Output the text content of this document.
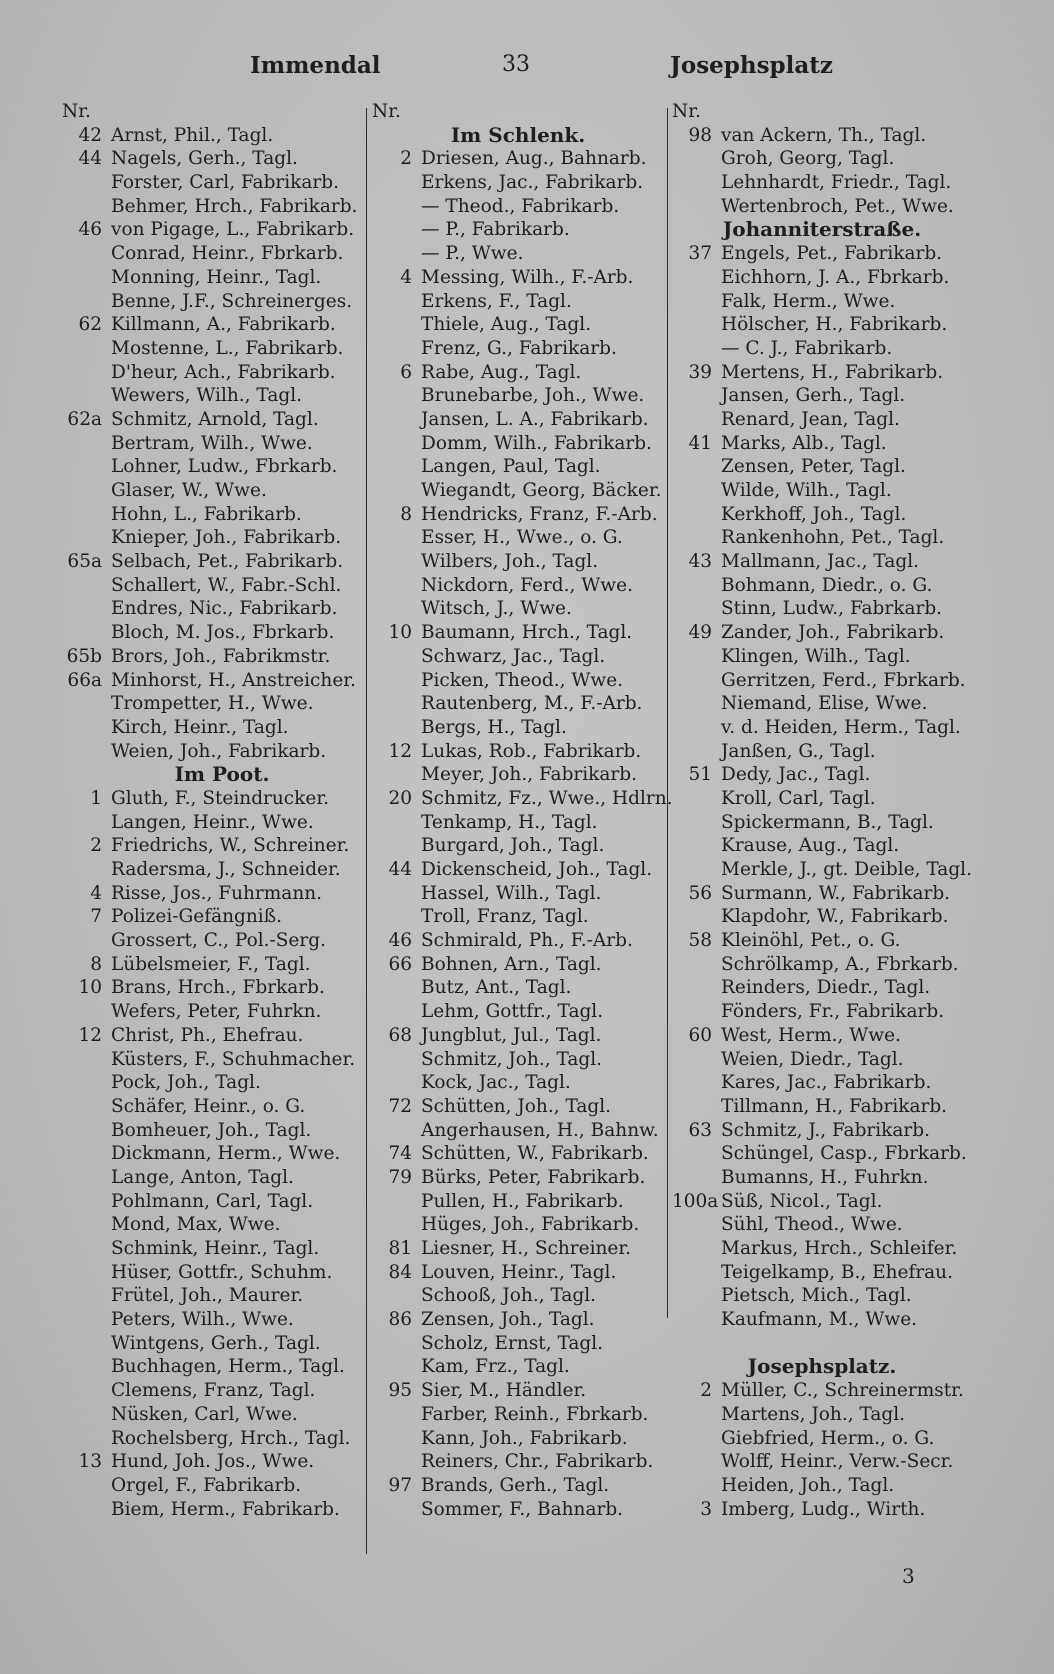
Immendal	33	Josephsplatz
Nr.
42 Arnst, Phil., Tagl.
44 Nagels, Gerh., Tagl.
Forster, Carl, Fabrikarb.
Behmer, Hrch., Fabrikarb.
46 von Pigage, L., Fabrikarb.
Conrad, Heinr., Fbrkarb.
Monning, Heinr., Tagl.
Benne, J.F., Schreinerges.
62 Killmann, A., Fabrikarb.
Mostenne, L., Fabrikarb.
D'heur, Ach., Fabrikarb.
Wewers, Wilh., Tagl.
62a Schmitz, Arnold, Tagl.
Bertram, Wilh., Wwe.
Lohner, Ludw., Fbrkarb.
Glaser, W., Wwe.
Hohn, L., Fabrikarb.
Knieper, Joh., Fabrikarb.
65a Selbach, Pet., Fabrikarb.
Schallert, W., Fabr.-Schl.
Endres, Nic., Fabrikarb.
Bloch, M. Jos., Fbrkarb.
65b Brors, Joh., Fabrikmstr.
66a Minhorst, H., Anstreicher.
Trompetter, H., Wwe.
Kirch, Heinr., Tagl.
Weien, Joh., Fabrikarb.
Im Poot.
1 Gluth, F., Steindrucker.
Langen, Heinr., Wwe.
2 Friedrichs, W., Schreiner.
Radersma, J., Schneider.
4 Risse, Jos., Fuhrmann.
7 Polizei-Gefängniß.
Grossert, C., Pol.-Serg.
8 Lübelsmeier, F., Tagl.
10 Brans, Hrch., Fbrkarb.
Wefers, Peter, Fuhrkn.
12 Christ, Ph., Ehefrau.
Küsters, F., Schuhmacher.
Pock, Joh., Tagl.
Schäfer, Heinr., o. G.
Bomheuer, Joh., Tagl.
Dickmann, Herm., Wwe.
Lange, Anton, Tagl.
Pohlmann, Carl, Tagl.
Mond, Max, Wwe.
Schmink, Heinr., Tagl.
Hüser, Gottfr., Schuhm.
Frütel, Joh., Maurer.
Peters, Wilh., Wwe.
Wintgens, Gerh., Tagl.
Buchhagen, Herm., Tagl.
Clemens, Franz, Tagl.
Nüsken, Carl, Wwe.
Rochelsberg, Hrch., Tagl.
13 Hund, Joh. Jos., Wwe.
Orgel, F., Fabrikarb.
Biem, Herm., Fabrikarb.
Nr.
Im Schlenk.
2 Driesen, Aug., Bahnarb.
Erkens, Jac., Fabrikarb.
— Theod., Fabrikarb.
— P., Fabrikarb.
— P., Wwe.
4 Messing, Wilh., F.-Arb.
Erkens, F., Tagl.
Thiele, Aug., Tagl.
Frenz, G., Fabrikarb.
6 Rabe, Aug., Tagl.
Brunebarbe, Joh., Wwe.
Jansen, L. A., Fabrikarb.
Domm, Wilh., Fabrikarb.
Langen, Paul, Tagl.
Wiegandt, Georg, Bäcker.
8 Hendricks, Franz, F.-Arb.
Esser, H., Wwe., o. G.
Wilbers, Joh., Tagl.
Nickdorn, Ferd., Wwe.
Witsch, J., Wwe.
10 Baumann, Hrch., Tagl.
Schwarz, Jac., Tagl.
Picken, Theod., Wwe.
Rautenberg, M., F.-Arb.
Bergs, H., Tagl.
12 Lukas, Rob., Fabrikarb.
Meyer, Joh., Fabrikarb.
20 Schmitz, Fz., Wwe., Hdlrn.
Tenkamp, H., Tagl.
Burgard, Joh., Tagl.
44 Dickenscheid, Joh., Tagl.
Hassel, Wilh., Tagl.
Troll, Franz, Tagl.
46 Schmirald, Ph., F.-Arb.
66 Bohnen, Arn., Tagl.
Butz, Ant., Tagl.
Lehm, Gottfr., Tagl.
68 Jungblut, Jul., Tagl.
Schmitz, Joh., Tagl.
Kock, Jac., Tagl.
72 Schütten, Joh., Tagl.
Angerhausen, H., Bahnw.
74 Schütten, W., Fabrikarb.
79 Bürks, Peter, Fabrikarb.
Pullen, H., Fabrikarb.
Hüges, Joh., Fabrikarb.
81 Liesner, H., Schreiner.
84 Louven, Heinr., Tagl.
Schooß, Joh., Tagl.
86 Zensen, Joh., Tagl.
Scholz, Ernst, Tagl.
Kam, Frz., Tagl.
95 Sier, M., Händler.
Farber, Reinh., Fbrkarb.
Kann, Joh., Fabrikarb.
Reiners, Chr., Fabrikarb.
97 Brands, Gerh., Tagl.
Sommer, F., Bahnarb.
Nr.
98 van Ackern, Th., Tagl.
Groh, Georg, Tagl.
Lehnhardt, Friedr., Tagl.
Wertenbroch, Pet., Wwe.
Johanniterstraße.
37 Engels, Pet., Fabrikarb.
Eichhorn, J. A., Fbrkarb.
Falk, Herm., Wwe.
Hölscher, H., Fabrikarb.
— C. J., Fabrikarb.
39 Mertens, H., Fabrikarb.
Jansen, Gerh., Tagl.
Renard, Jean, Tagl.
41 Marks, Alb., Tagl.
Zensen, Peter, Tagl.
Wilde, Wilh., Tagl.
Kerkhoff, Joh., Tagl.
Rankenhohn, Pet., Tagl.
43 Mallmann, Jac., Tagl.
Bohmann, Diedr., o. G.
Stinn, Ludw., Fabrkarb.
49 Zander, Joh., Fabrikarb.
Klingen, Wilh., Tagl.
Gerritzen, Ferd., Fbrkarb.
Niemand, Elise, Wwe.
v. d. Heiden, Herm., Tagl.
Janßen, G., Tagl.
51 Dedy, Jac., Tagl.
Kroll, Carl, Tagl.
Spickermann, B., Tagl.
Krause, Aug., Tagl.
Merkle, J., gt. Deible, Tagl.
56 Surmann, W., Fabrikarb.
Klapdohr, W., Fabrikarb.
58 Kleinöhl, Pet., o. G.
Schrölkamp, A., Fbrkarb.
Reinders, Diedr., Tagl.
Fönders, Fr., Fabrikarb.
60 West, Herm., Wwe.
Weien, Diedr., Tagl.
Kares, Jac., Fabrikarb.
Tillmann, H., Fabrikarb.
63 Schmitz, J., Fabrikarb.
Schüngel, Casp., Fbrkarb.
Bumanns, H., Fuhrkn.
100a Süß, Nicol., Tagl.
Sühl, Theod., Wwe.
Markus, Hrch., Schleifer.
Teigelkamp, B., Ehefrau.
Pietsch, Mich., Tagl.
Kaufmann, M., Wwe.
Josephsplatz.
2 Müller, C., Schreinermstr.
Martens, Joh., Tagl.
Giebfried, Herm., o. G.
Wolff, Heinr., Verw.-Secr.
Heiden, Joh., Tagl.
3 Imberg, Ludg., Wirth.
3
